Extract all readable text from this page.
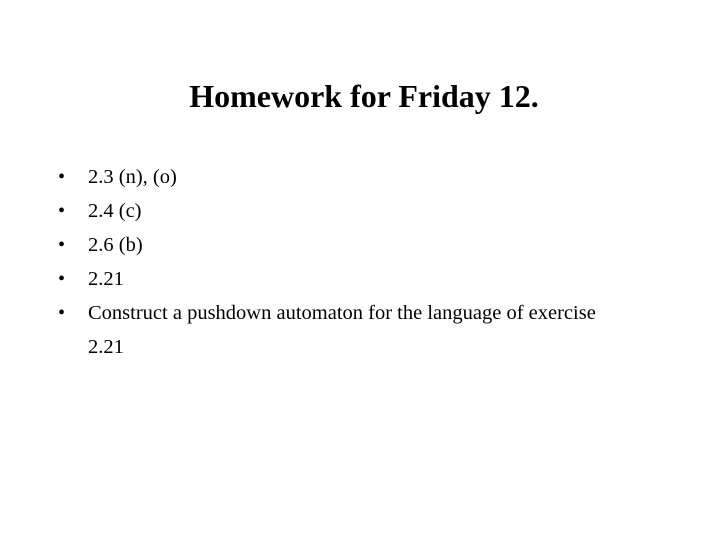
Homework for Friday 12.
• 2.3 (n), (o)
• 2.4 (c)
• 2.6 (b)
• 2.21
• Construct a pushdown automaton for the language of exercise 2.21
